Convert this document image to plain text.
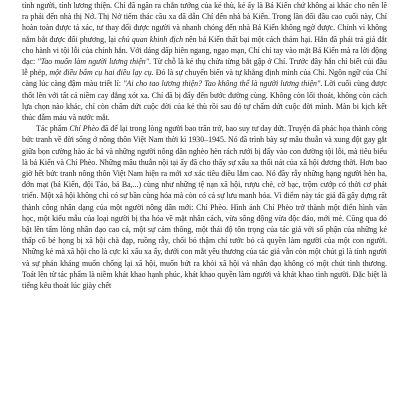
tính người, tính lương thiện. Chỉ đã ngăn ra chắn tướng của kẻ thù, kẻ ấy là Bá Kiến chứ không ai khác cho nên lẽ ra phải đến nhà thị Nở. Thị Nở tiếm thác cầu xa đã dẫn Chí đến nhà bà Kiến. Trong lần đối đầu cao cuối này, Chí hoàn toàn được tả xác, tư thay đổi được người và nhanh chóng đến nhà Bá Kiến không ngờ được. Chính vì không nắm bắt được đối phương, lại chủ quan khinh địch nên bá Kiến thất bại một cách thảm hại. Hắn đã phải trả giá đắt cho hành vi tội lỗi của chính hắn. Với dáng dấp hiên ngang, ngạo mạn, Chí chỉ tay vào mặt Bá Kiến mà ra lời động đạc: "Tao muốn làm người lương thiện". Từ chỗ là kẻ thụ chửa từng bắt gập ở Chí. Trước đây hắn chỉ biết cúi đầu lễ phép, một điều bẩm cụ hai điều lạy cụ. Đó là sự chuyển biến và tự khẳng định mình của Chí. Ngôn ngữ của Chí càng lúc càng đậm màu triết lí: "Ai cho tao lương thiện? Tao không thể là người lương thiện". Lời cuối cùng được thốt lên với tất cả niềm cay đắng xót xa. Chí đã bị đẩy đến bước đường cùng. Không còn lối thoát, không còn cách lựa chọn nào khác, chỉ còn chấm dứt cuộc đời của kẻ thù rồi sau đó tự chấm dứt cuộc đời mình. Màn bi kịch kết thúc đẫm máu và nước mắt.

Tác phẩm Chí Phèo đã để lại trong lòng người bao trăn trở, bao suy tư day dứt. Truyện đã phác họa thành công bức tranh về đời sống ở nông thôn Việt Nam thời kì 1930–1945. Nó đã trình bày sự mâu thuẫn và xung đột gay gắt giữa bọn cường hào ác bá và những người nông dân nghèo hèn rách rưới bị đẩy vào con đường tội lỗi, mà tiêu biểu là bá Kiến và Chí Phèo. Những mâu thuẫn nội tại ấy đã cho thấy sự xấu xa thối nát của xã hội đương thời. Hơn bao giờ hết bức tranh nông thôn Việt Nam hiện ra mới xơ xác tiêu điều lắm cao. Nó đầy rẫy những hạng người hèn ha, đớn mạt (bá Kiến, đội Tảo, bá Ba,...) cùng như những tệ nạn xã hội, rượu chè, cờ bạc, trộm cướp có thời cơ phát triển. Một xã hội không chỉ có sự bần cùng hóa mà còn có cả sự lưu manh hóa. Vì điểm này tác giả đã gây dựng rất thành công nhân dạng của một người nông dân mới: Chí Phèo. Hình ảnh Chí Phèo trở thành một điển hình văn học, một kiểu mẫu của loại người bị tha hóa về mặt nhân cách, vừa sống động vừa độc đáo, mới mẻ. Cũng qua đó bật lên tấm lòng nhân đạo cao cả, một sự cảm thông, một thái độ tôn trọng của tác giả với số phận của những kẻ thấp cổ bé họng bị xã hội chà đạp, ruồng rẫy, chối bỏ thậm chí tước bỏ cả quyền làm người của một con người. Những kẻ mà xã hội cho là cực kì xấu xa ấy, dưới con mắt yêu thương của tác giả vẫn còn một chút gì là tính người và sự phản kháng muốn chống lại xã hội, muốn bứt ra khỏi xã hội và nhân đạo không có một chút tình thương. Toát lên từ tác phẩm là niềm khát khao hạnh phúc, khát khao quyền làm người và khát khao tình người. Đặc biệt là tiếng kêu thoát lúc giày chết
